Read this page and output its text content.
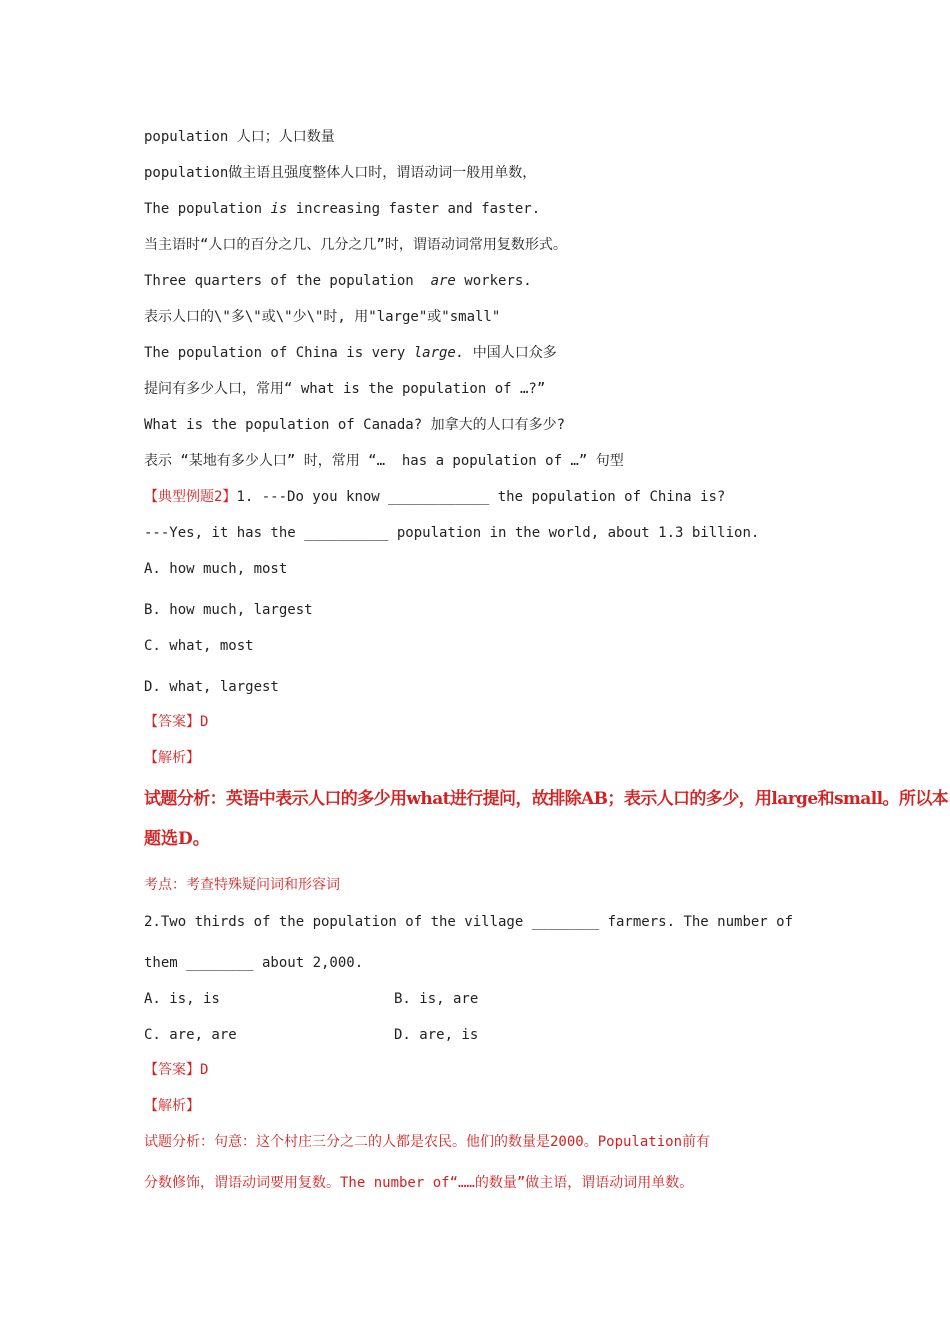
population 人口；人口数量
population做主语且强度整体人口时，谓语动词一般用单数，
The population is increasing faster and faster.
当主语时“人口的百分之几、几分之几”时，谓语动词常用复数形式。
Three quarters of the population  are workers.
表示人口的\"多\"或\"少\"时, 用"large"或"small"
The population of China is very large. 中国人口众多
提问有多少人口，常用“ what is the population of …?”
What is the population of Canada? 加拿大的人口有多少?
表示 “某地有多少人口” 时，常用 “…  has a population of …” 句型
【典型例题2】1. ---Do you know ____________ the population of China is?
---Yes, it has the __________ population in the world, about 1.3 billion.
A. how much, most
B. how much, largest
C. what, most
D. what, largest
【答案】D
【解析】
试题分析：英语中表示人口的多少用what进行提问，故排除AB；表示人口的多少，用large和small。所以本
题选D。
考点：考查特殊疑问词和形容词
2.Two thirds of the population of the village ________ farmers. The number of
them ________ about 2,000.
A. is, is	B. is, are
C. are, are	D. are, is
【答案】D
【解析】
试题分析：句意：这个村庄三分之二的人都是农民。他们的数量是2000。Population前有
分数修饰，谓语动词要用复数。The number of“……的数量”做主语，谓语动词用单数。
